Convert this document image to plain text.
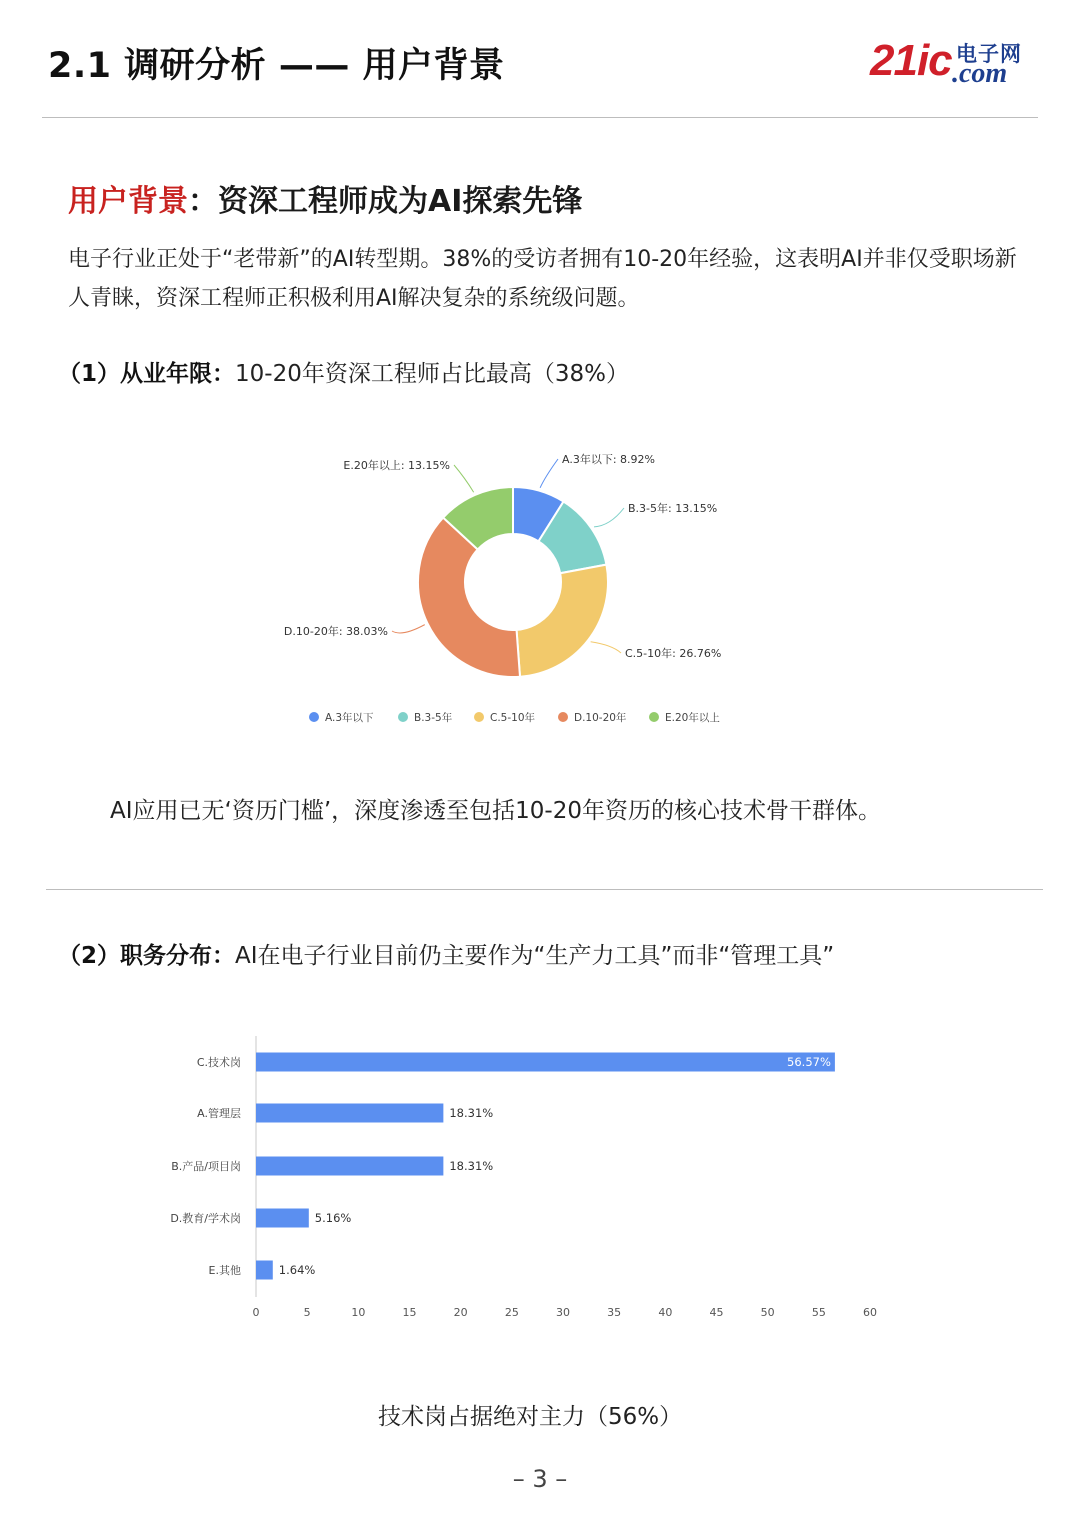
2.1 调研分析 —— 用户背景	21ic 电子网
.com
用户背景：资深工程师成为AI探索先锋
电子行业正处于“老带新”的AI转型期。38%的受访者拥有10-20年经验，这表明AI并非仅受职场新人青睐，资深工程师正积极利用AI解决复杂的系统级问题。
（1）从业年限：10-20年资深工程师占比最高（38%）
A.3年以下: 8.92%
B.3-5年: 13.15%
C.5-10年: 26.76%
D.10-20年: 38.03%
E.20年以上: 13.15%
A.3年以下	B.3-5年	C.5-10年	D.10-20年	E.20年以上
AI应用已无‘资历门槛’，深度渗透至包括10-20年资历的核心技术骨干群体。
（2）职务分布：AI在电子行业目前仍主要作为“生产力工具”而非“管理工具”
C.技术岗	56.57%
A.管理层	18.31%
B.产品/项目岗	18.31%
D.教育/学术岗	5.16%
E.其他	1.64%
0	5	10	15	20	25	30	35	40	45	50	55	60
技术岗占据绝对主力（56%）
– 3 –
